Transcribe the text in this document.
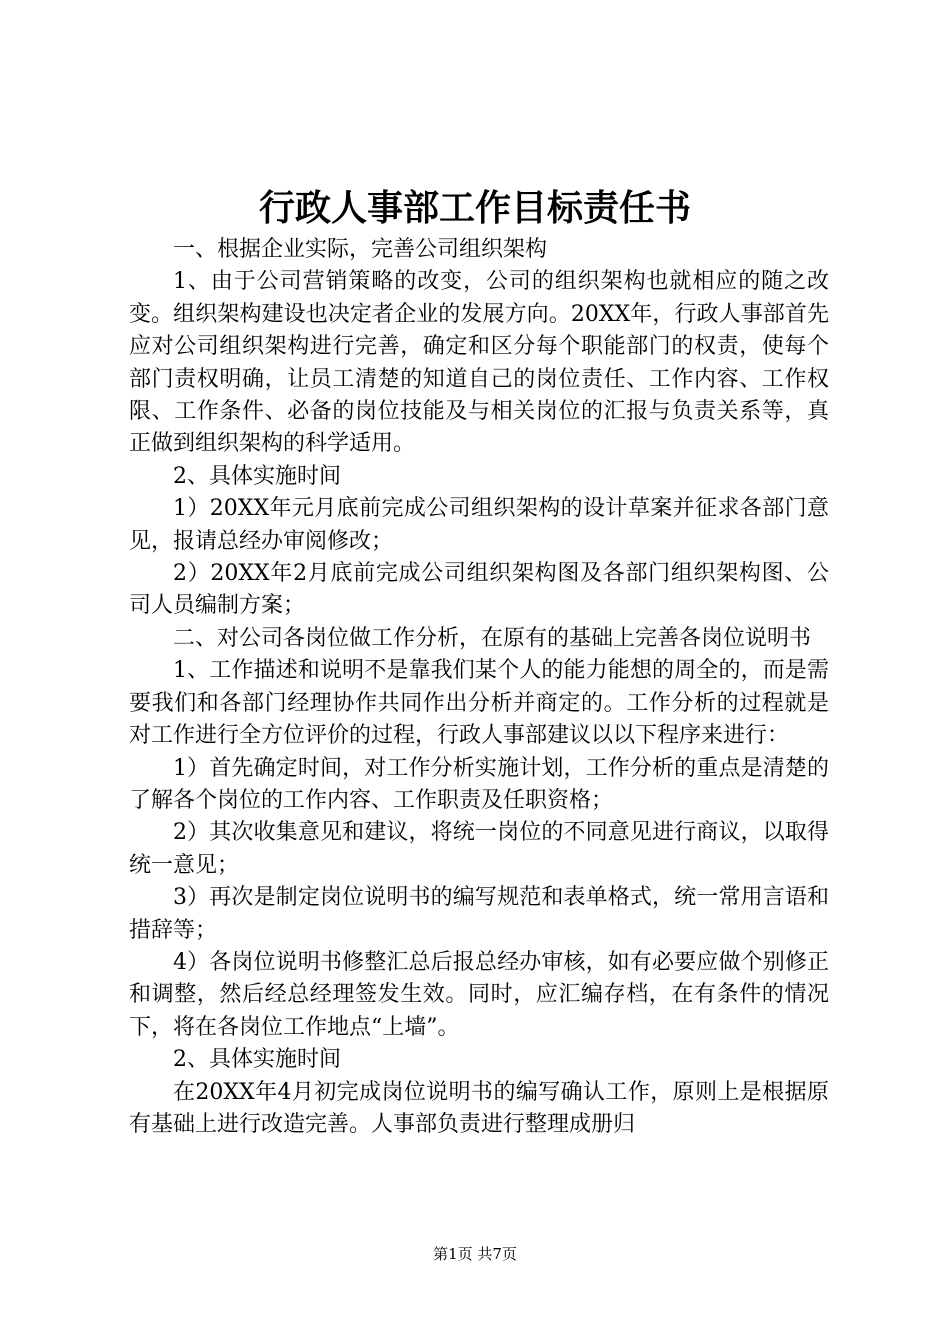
行政人事部工作目标责任书

一、根据企业实际，完善公司组织架构

1、由于公司营销策略的改变，公司的组织架构也就相应的随之改变。组织架构建设也决定者企业的发展方向。20XX年，行政人事部首先应对公司组织架构进行完善，确定和区分每个职能部门的权责，使每个部门责权明确，让员工清楚的知道自己的岗位责任、工作内容、工作权限、工作条件、必备的岗位技能及与相关岗位的汇报与负责关系等，真正做到组织架构的科学适用。

2、具体实施时间

1）20XX年元月底前完成公司组织架构的设计草案并征求各部门意见，报请总经办审阅修改；

2）20XX年2月底前完成公司组织架构图及各部门组织架构图、公司人员编制方案；

二、对公司各岗位做工作分析，在原有的基础上完善各岗位说明书

1、工作描述和说明不是靠我们某个人的能力能想的周全的，而是需要我们和各部门经理协作共同作出分析并商定的。工作分析的过程就是对工作进行全方位评价的过程，行政人事部建议以以下程序来进行：

1）首先确定时间，对工作分析实施计划，工作分析的重点是清楚的了解各个岗位的工作内容、工作职责及任职资格；

2）其次收集意见和建议，将统一岗位的不同意见进行商议，以取得统一意见；

3）再次是制定岗位说明书的编写规范和表单格式，统一常用言语和措辞等；

4）各岗位说明书修整汇总后报总经办审核，如有必要应做个别修正和调整，然后经总经理签发生效。同时，应汇编存档，在有条件的情况下，将在各岗位工作地点“上墙”。

2、具体实施时间

在20XX年4月初完成岗位说明书的编写确认工作，原则上是根据原有基础上进行改造完善。人事部负责进行整理成册归

第1页 共7页
